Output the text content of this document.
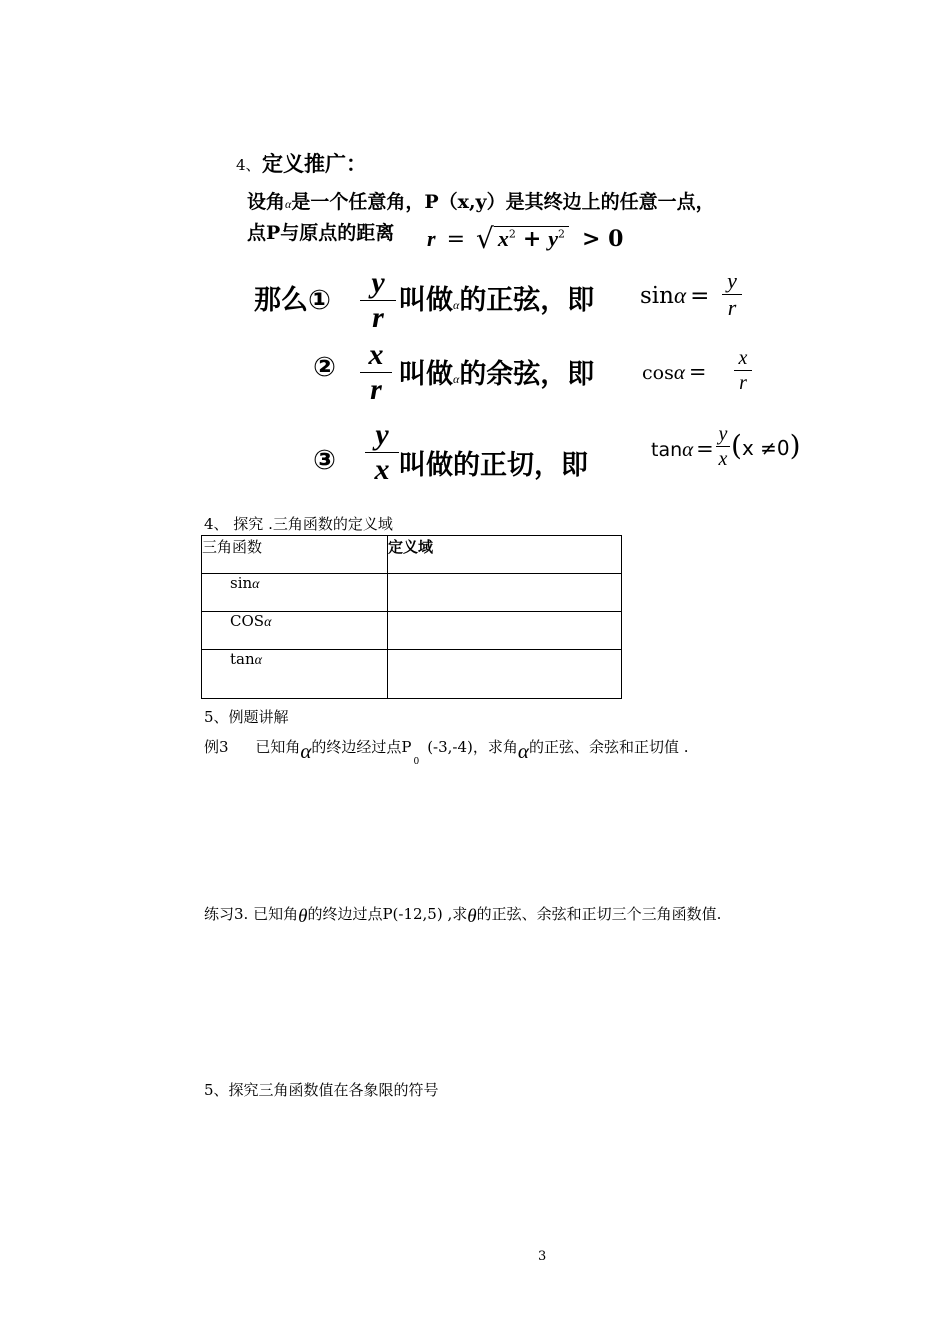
4、 定义推广：
设角α是一个任意角，P（x,y）是其终边上的任意一点，
点P与原点的距离 r = √ $x^2 + y^2 > 0$
那么①
y
r
叫做α的正弦，即 sinα =
y
r
② x
r 叫做α的余弦，即	cosα =
x
r
③
y
x 叫做的正切，即	tanα =
y
x (x ≠0)
4、 探究 .三角函数的定义域
三角函数	定义域
sinα	
COSα	
tanα	
5、例题讲解
例3 已知角α的终边经过点$P_0(-3,-4)$，求角α的正弦、余弦和正切值 .
练习3. 已知角θ的终边过点P(-12,5) ,求θ的正弦、余弦和正切三个三角函数值.
5、探究三角函数值在各象限的符号
3
